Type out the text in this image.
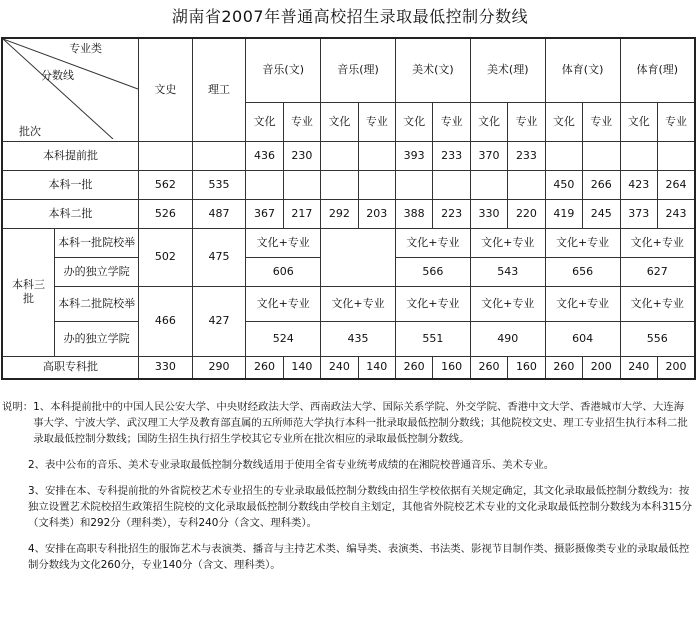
湖南省2007年普通高校招生录取最低控制分数线
专业类
分数线
批次		文史	理工	音乐(文)		音乐(理)		美术(文)		美术(理)		体育(文)		体育(理)	
				文化	专业	文化	专业	文化	专业	文化	专业	文化	专业	文化	专业
本科提前批				436	230			393	233	370	233				
本科一批		562	535									450	266	423	264
本科二批		526	487	367	217	292	203	388	223	330	220	419	245	373	243
本科三批	本科一批院校举	502	475	文化+专业				文化+专业		文化+专业		文化+专业		文化+专业	
	办的独立学院			606				566		543		656		627	
	本科二批院校举	466	427	文化+专业		文化+专业		文化+专业		文化+专业		文化+专业		文化+专业	
	办的独立学院			524		435		551		490		604		556	
高职专科批		330	290	260	140	240	140	260	160	260	160	260	200	240	200
说明： 1、本科提前批中的中国人民公安大学、中央财经政法大学、西南政法大学、国际关系学院、外交学院、香港中文大学、香港城市大学、大连海事大学、宁波大学、武汉理工大学及教育部直属的五所师范大学执行本科一批录取最低控制分数线；其他院校文史、理工专业招生执行本科二批录取最低控制分数线；国防生招生执行招生学校其它专业所在批次相应的录取最低控制分数线。
2、表中公布的音乐、美术专业录取最低控制分数线适用于使用全省专业统考成绩的在湘院校普通音乐、美术专业。
3、安排在本、专科提前批的外省院校艺术专业招生的专业录取最低控制分数线由招生学校依据有关规定确定，其文化录取最低控制分数线为：按独立设置艺术院校招生政策招生院校的文化录取最低控制分数线由学校自主划定，其他省外院校艺术专业的文化录取最低控制分数线为本科315分（文科类）和292分（理科类），专科240分（含文、理科类）。
4、安排在高职专科批招生的服饰艺术与表演类、播音与主持艺术类、编导类、表演类、书法类、影视节目制作类、摄影摄像类专业的录取最低控制分数线为文化260分，专业140分（含文、理科类）。
